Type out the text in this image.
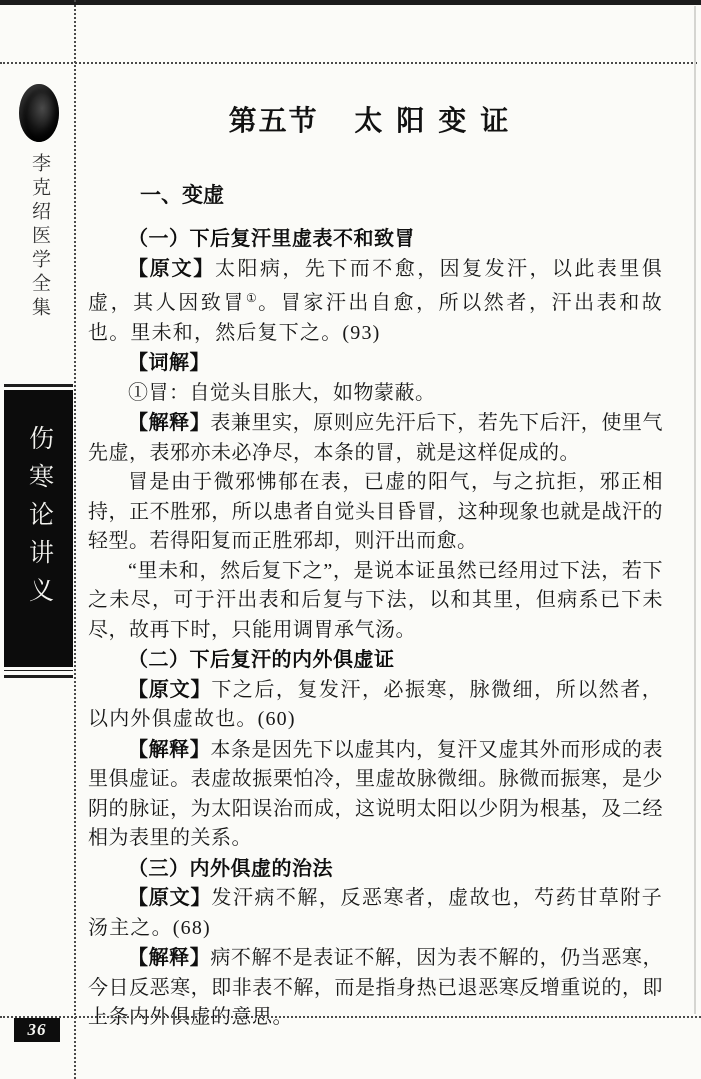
李克绍医学全集
伤寒论讲义
第五节 太阳变证
一、变虚

（一）下后复汗里虚表不和致冒

【原文】太阳病，先下而不愈，因复发汗，以此表里俱虚，其人因致冒①。冒家汗出自愈，所以然者，汗出表和故也。里未和，然后复下之。(93)

【词解】

①冒：自觉头目胀大，如物蒙蔽。

【解释】表兼里实，原则应先汗后下，若先下后汗，使里气先虚，表邪亦未必净尽，本条的冒，就是这样促成的。

冒是由于微邪怫郁在表，已虚的阳气，与之抗拒，邪正相持，正不胜邪，所以患者自觉头目昏冒，这种现象也就是战汗的轻型。若得阳复而正胜邪却，则汗出而愈。

“里未和，然后复下之”，是说本证虽然已经用过下法，若下之未尽，可于汗出表和后复与下法，以和其里，但病系已下未尽，故再下时，只能用调胃承气汤。

（二）下后复汗的内外俱虚证

【原文】下之后，复发汗，必振寒，脉微细，所以然者，以内外俱虚故也。(60)

【解释】本条是因先下以虚其内，复汗又虚其外而形成的表里俱虚证。表虚故振栗怕冷，里虚故脉微细。脉微而振寒，是少阴的脉证，为太阳误治而成，这说明太阳以少阴为根基，及二经相为表里的关系。

（三）内外俱虚的治法

【原文】发汗病不解，反恶寒者，虚故也，芍药甘草附子汤主之。(68)

【解释】病不解不是表证不解，因为表不解的，仍当恶寒，今日反恶寒，即非表不解，而是指身热已退恶寒反增重说的，即上条内外俱虚的意思。

36
